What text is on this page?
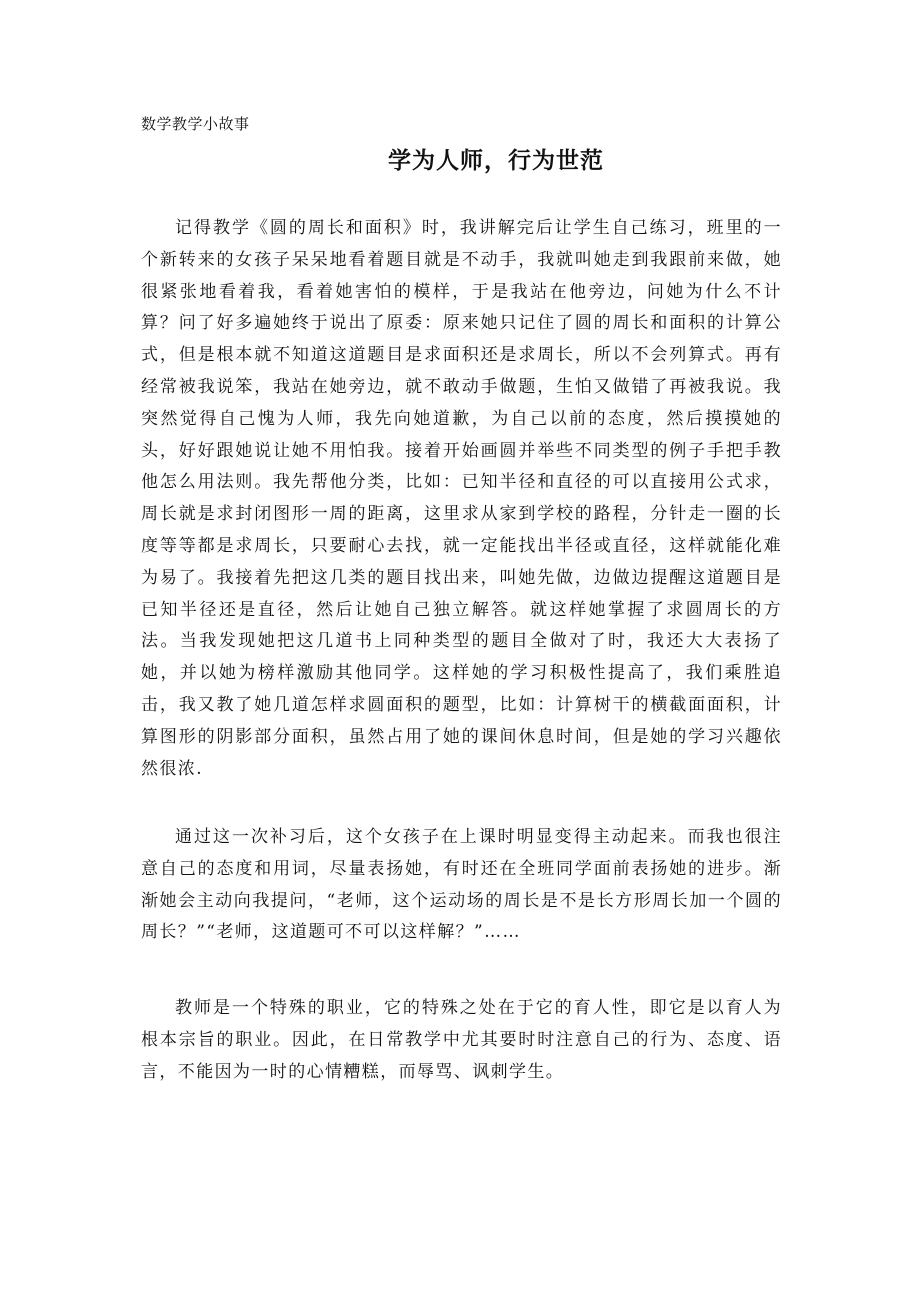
数学教学小故事
学为人师，行为世范

记得教学《圆的周长和面积》时，我讲解完后让学生自己练习，班里的一个新转来的女孩子呆呆地看着题目就是不动手，我就叫她走到我跟前来做，她很紧张地看着我，看着她害怕的模样，于是我站在他旁边，问她为什么不计算？问了好多遍她终于说出了原委：原来她只记住了圆的周长和面积的计算公式，但是根本就不知道这道题目是求面积还是求周长，所以不会列算式。再有经常被我说笨，我站在她旁边，就不敢动手做题，生怕又做错了再被我说。我突然觉得自己愧为人师，我先向她道歉，为自己以前的态度，然后摸摸她的头，好好跟她说让她不用怕我。接着开始画圆并举些不同类型的例子手把手教他怎么用法则。我先帮他分类，比如：已知半径和直径的可以直接用公式求，周长就是求封闭图形一周的距离，这里求从家到学校的路程，分针走一圈的长度等等都是求周长，只要耐心去找，就一定能找出半径或直径，这样就能化难为易了。我接着先把这几类的题目找出来，叫她先做，边做边提醒这道题目是已知半径还是直径，然后让她自己独立解答。就这样她掌握了求圆周长的方法。当我发现她把这几道书上同种类型的题目全做对了时，我还大大表扬了她，并以她为榜样激励其他同学。这样她的学习积极性提高了，我们乘胜追击，我又教了她几道怎样求圆面积的题型，比如：计算树干的横截面面积，计算图形的阴影部分面积，虽然占用了她的课间休息时间，但是她的学习兴趣依然很浓.

通过这一次补习后，这个女孩子在上课时明显变得主动起来。而我也很注意自己的态度和用词，尽量表扬她，有时还在全班同学面前表扬她的进步。渐渐她会主动向我提问，“老师，这个运动场的周长是不是长方形周长加一个圆的周长？”“老师，这道题可不可以这样解？”……

教师是一个特殊的职业，它的特殊之处在于它的育人性，即它是以育人为根本宗旨的职业。因此，在日常教学中尤其要时时注意自己的行为、态度、语言，不能因为一时的心情糟糕，而辱骂、讽刺学生。
